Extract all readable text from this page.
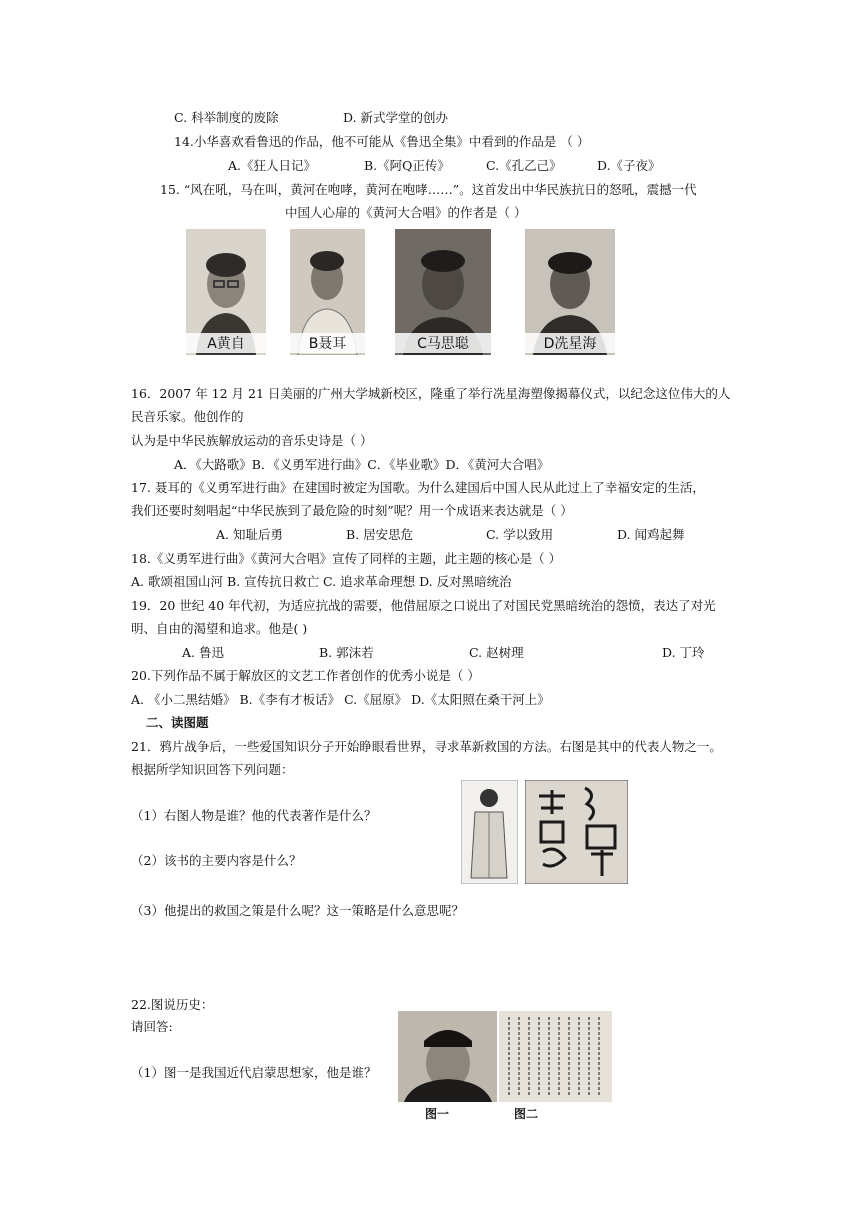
C. 科举制度的废除	D. 新式学堂的创办
14.小华喜欢看鲁迅的作品，他不可能从《鲁迅全集》中看到的作品是 （ ）
A.《狂人日记》	B.《阿Q正传》	C.《孔乙己》	D.《子夜》
15. “风在吼，马在叫，黄河在咆哮，黄河在咆哮……”。这首发出中华民族抗日的怒吼，震撼一代
中国人心扉的《黄河大合唱》的作者是（ ）
A黄自	B聂耳	C马思聪	D冼星海
16．2007 年 12 月 21 日美丽的广州大学城新校区，隆重了举行冼星海塑像揭幕仪式，以纪念这位伟大的人
民音乐家。他创作的
认为是中华民族解放运动的音乐史诗是（ ）
A．《大路歌》B．《义勇军进行曲》C．《毕业歌》D．《黄河大合唱》
17. 聂耳的《义勇军进行曲》在建国时被定为国歌。为什么建国后中国人民从此过上了幸福安定的生活，
我们还要时刻唱起“中华民族到了最危险的时刻”呢？用一个成语来表达就是（ ）
A. 知耻后勇	B. 居安思危	C. 学以致用	D. 闻鸡起舞
18.《义勇军进行曲》《黄河大合唱》宣传了同样的主题，此主题的核心是（ ）
A. 歌颂祖国山河 B. 宣传抗日救亡 C. 追求革命理想 D. 反对黑暗统治
19．20 世纪 40 年代初，为适应抗战的需要，他借屈原之口说出了对国民党黑暗统治的怨愤，表达了对光
明、自由的渴望和追求。他是( )
A. 鲁迅	B. 郭沫若	C. 赵树理	D. 丁玲
20.下列作品不属于解放区的文艺工作者创作的优秀小说是（ ）
A. 《小二黑结婚》 B.《李有才板话》 C.《屈原》 D.《太阳照在桑干河上》
二、读图题
21．鸦片战争后，一些爱国知识分子开始睁眼看世界，寻求革新救国的方法。右图是其中的代表人物之一。
根据所学知识回答下列问题：
（1）右图人物是谁？他的代表著作是什么？
（2）该书的主要内容是什么？
（3）他提出的救国之策是什么呢？这一策略是什么意思呢？
22.图说历史：
请回答:
（1）图一是我国近代启蒙思想家，他是谁？
图一	图二
